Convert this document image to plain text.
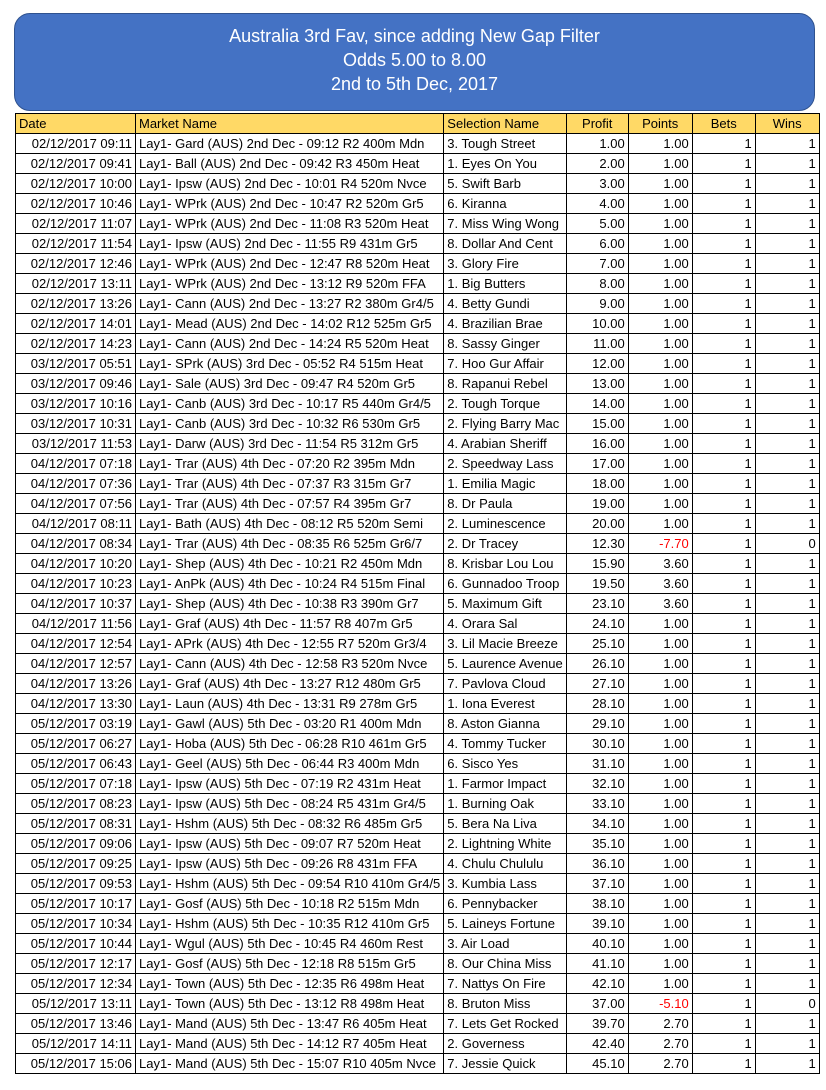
Australia 3rd Fav, since adding New Gap Filter
Odds 5.00 to 8.00
2nd to 5th Dec, 2017
Date	Market Name	Selection Name	Profit	Points	Bets	Wins
02/12/2017 09:11	Lay1- Gard (AUS) 2nd Dec - 09:12 R2 400m Mdn	3. Tough Street	1.00	1.00	1	1
02/12/2017 09:41	Lay1- Ball (AUS) 2nd Dec - 09:42 R3 450m Heat	1. Eyes On You	2.00	1.00	1	1
02/12/2017 10:00	Lay1- Ipsw (AUS) 2nd Dec - 10:01 R4 520m Nvce	5. Swift Barb	3.00	1.00	1	1
02/12/2017 10:46	Lay1- WPrk (AUS) 2nd Dec - 10:47 R2 520m Gr5	6. Kiranna	4.00	1.00	1	1
02/12/2017 11:07	Lay1- WPrk (AUS) 2nd Dec - 11:08 R3 520m Heat	7. Miss Wing Wong	5.00	1.00	1	1
02/12/2017 11:54	Lay1- Ipsw (AUS) 2nd Dec - 11:55 R9 431m Gr5	8. Dollar And Cent	6.00	1.00	1	1
02/12/2017 12:46	Lay1- WPrk (AUS) 2nd Dec - 12:47 R8 520m Heat	3. Glory Fire	7.00	1.00	1	1
02/12/2017 13:11	Lay1- WPrk (AUS) 2nd Dec - 13:12 R9 520m FFA	1. Big Butters	8.00	1.00	1	1
02/12/2017 13:26	Lay1- Cann (AUS) 2nd Dec - 13:27 R2 380m Gr4/5	4. Betty Gundi	9.00	1.00	1	1
02/12/2017 14:01	Lay1- Mead (AUS) 2nd Dec - 14:02 R12 525m Gr5	4. Brazilian Brae	10.00	1.00	1	1
02/12/2017 14:23	Lay1- Cann (AUS) 2nd Dec - 14:24 R5 520m Heat	8. Sassy Ginger	11.00	1.00	1	1
03/12/2017 05:51	Lay1- SPrk (AUS) 3rd Dec - 05:52 R4 515m Heat	7. Hoo Gur Affair	12.00	1.00	1	1
03/12/2017 09:46	Lay1- Sale (AUS) 3rd Dec - 09:47 R4 520m Gr5	8. Rapanui Rebel	13.00	1.00	1	1
03/12/2017 10:16	Lay1- Canb (AUS) 3rd Dec - 10:17 R5 440m Gr4/5	2. Tough Torque	14.00	1.00	1	1
03/12/2017 10:31	Lay1- Canb (AUS) 3rd Dec - 10:32 R6 530m Gr5	2. Flying Barry Mac	15.00	1.00	1	1
03/12/2017 11:53	Lay1- Darw (AUS) 3rd Dec - 11:54 R5 312m Gr5	4. Arabian Sheriff	16.00	1.00	1	1
04/12/2017 07:18	Lay1- Trar (AUS) 4th Dec - 07:20 R2 395m Mdn	2. Speedway Lass	17.00	1.00	1	1
04/12/2017 07:36	Lay1- Trar (AUS) 4th Dec - 07:37 R3 315m Gr7	1. Emilia Magic	18.00	1.00	1	1
04/12/2017 07:56	Lay1- Trar (AUS) 4th Dec - 07:57 R4 395m Gr7	8. Dr Paula	19.00	1.00	1	1
04/12/2017 08:11	Lay1- Bath (AUS) 4th Dec - 08:12 R5 520m Semi	2. Luminescence	20.00	1.00	1	1
04/12/2017 08:34	Lay1- Trar (AUS) 4th Dec - 08:35 R6 525m Gr6/7	2. Dr Tracey	12.30	-7.70	1	0
04/12/2017 10:20	Lay1- Shep (AUS) 4th Dec - 10:21 R2 450m Mdn	8. Krisbar Lou Lou	15.90	3.60	1	1
04/12/2017 10:23	Lay1- AnPk (AUS) 4th Dec - 10:24 R4 515m Final	6. Gunnadoo Troop	19.50	3.60	1	1
04/12/2017 10:37	Lay1- Shep (AUS) 4th Dec - 10:38 R3 390m Gr7	5. Maximum Gift	23.10	3.60	1	1
04/12/2017 11:56	Lay1- Graf (AUS) 4th Dec - 11:57 R8 407m Gr5	4. Orara Sal	24.10	1.00	1	1
04/12/2017 12:54	Lay1- APrk (AUS) 4th Dec - 12:55 R7 520m Gr3/4	3. Lil Macie Breeze	25.10	1.00	1	1
04/12/2017 12:57	Lay1- Cann (AUS) 4th Dec - 12:58 R3 520m Nvce	5. Laurence Avenue	26.10	1.00	1	1
04/12/2017 13:26	Lay1- Graf (AUS) 4th Dec - 13:27 R12 480m Gr5	7. Pavlova Cloud	27.10	1.00	1	1
04/12/2017 13:30	Lay1- Laun (AUS) 4th Dec - 13:31 R9 278m Gr5	1. Iona Everest	28.10	1.00	1	1
05/12/2017 03:19	Lay1- Gawl (AUS) 5th Dec - 03:20 R1 400m Mdn	8. Aston Gianna	29.10	1.00	1	1
05/12/2017 06:27	Lay1- Hoba (AUS) 5th Dec - 06:28 R10 461m Gr5	4. Tommy Tucker	30.10	1.00	1	1
05/12/2017 06:43	Lay1- Geel (AUS) 5th Dec - 06:44 R3 400m Mdn	6. Sisco Yes	31.10	1.00	1	1
05/12/2017 07:18	Lay1- Ipsw (AUS) 5th Dec - 07:19 R2 431m Heat	1. Farmor Impact	32.10	1.00	1	1
05/12/2017 08:23	Lay1- Ipsw (AUS) 5th Dec - 08:24 R5 431m Gr4/5	1. Burning Oak	33.10	1.00	1	1
05/12/2017 08:31	Lay1- Hshm (AUS) 5th Dec - 08:32 R6 485m Gr5	5. Bera Na Liva	34.10	1.00	1	1
05/12/2017 09:06	Lay1- Ipsw (AUS) 5th Dec - 09:07 R7 520m Heat	2. Lightning White	35.10	1.00	1	1
05/12/2017 09:25	Lay1- Ipsw (AUS) 5th Dec - 09:26 R8 431m FFA	4. Chulu Chululu	36.10	1.00	1	1
05/12/2017 09:53	Lay1- Hshm (AUS) 5th Dec - 09:54 R10 410m Gr4/5	3. Kumbia Lass	37.10	1.00	1	1
05/12/2017 10:17	Lay1- Gosf (AUS) 5th Dec - 10:18 R2 515m Mdn	6. Pennybacker	38.10	1.00	1	1
05/12/2017 10:34	Lay1- Hshm (AUS) 5th Dec - 10:35 R12 410m Gr5	5. Laineys Fortune	39.10	1.00	1	1
05/12/2017 10:44	Lay1- Wgul (AUS) 5th Dec - 10:45 R4 460m Rest	3. Air Load	40.10	1.00	1	1
05/12/2017 12:17	Lay1- Gosf (AUS) 5th Dec - 12:18 R8 515m Gr5	8. Our China Miss	41.10	1.00	1	1
05/12/2017 12:34	Lay1- Town (AUS) 5th Dec - 12:35 R6 498m Heat	7. Nattys On Fire	42.10	1.00	1	1
05/12/2017 13:11	Lay1- Town (AUS) 5th Dec - 13:12 R8 498m Heat	8. Bruton Miss	37.00	-5.10	1	0
05/12/2017 13:46	Lay1- Mand (AUS) 5th Dec - 13:47 R6 405m Heat	7. Lets Get Rocked	39.70	2.70	1	1
05/12/2017 14:11	Lay1- Mand (AUS) 5th Dec - 14:12 R7 405m Heat	2. Governess	42.40	2.70	1	1
05/12/2017 15:06	Lay1- Mand (AUS) 5th Dec - 15:07 R10 405m Nvce	7. Jessie Quick	45.10	2.70	1	1
